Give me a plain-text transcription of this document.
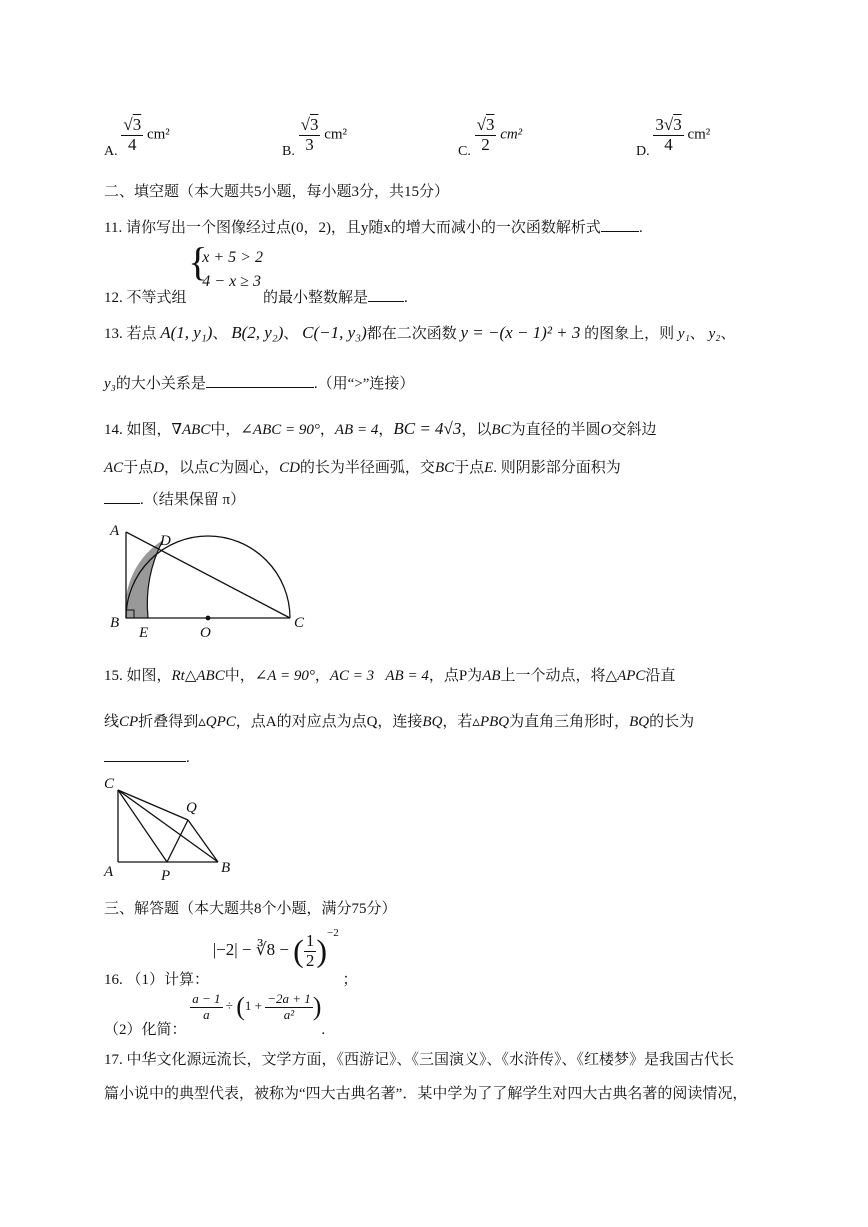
A. $\frac{√3}{4} cm^2$
B. $\frac{√3}{3} cm^2$
C. $\frac{√3}{2} cm^2$
D. $\frac{3√3}{4} cm^2$
二、填空题（本大题共5小题，每小题3分，共15分）
11. 请你写出一个图像经过点(0，2)，且y随x的增大而减小的一次函数解析式	.
12. 不等式组
{
x + 5 > 2
4 − x ≥ 3
的最小整数解是 .
13. 若点 A(1, y₁)、 B(2, y₂)、 C(−1, y₃)都在二次函数 y = −(x − 1)² + 3 的图象上，则 y₁、 y₂、
y₃的大小关系是	.（用“>”连接）
14. 如图，∇ABC中，∠ABC = 90°，AB = 4，BC = 4√3，以BC为直径的半圆O交斜边
AC于点D，以点C为圆心，CD的长为半径画弧，交BC于点E. 则阴影部分面积为
.（结果保留 π）
A
D
B
E	O
C
15. 如图，Rt△ABC中，∠A = 90°，AC = 3 AB = 4，点P为AB上一个动点，将△APC沿直
线CP折叠得到▵QPC，点A的对应点为点Q，连接BQ，若▵PBQ为直角三角形时，BQ的长为
.
C
Q
A	P	B
三、解答题（本大题共8个小题，满分75分）
16. （1）计算： |−2| − ∛8 − ( $\frac{1}{2} )^{-2}$ ；
（2）化简：
$\frac{a - 1}{a} \div (1 + \frac{-2a + 1}{\text{a²}}$ ).
17. 中华文化源远流长，文学方面，《西游记》、《三国演义》、《水浒传》、《红楼梦》是我国古代长
篇小说中的典型代表，被称为“四大古典名著”．某中学为了了解学生对四大古典名著的阅读情况，
